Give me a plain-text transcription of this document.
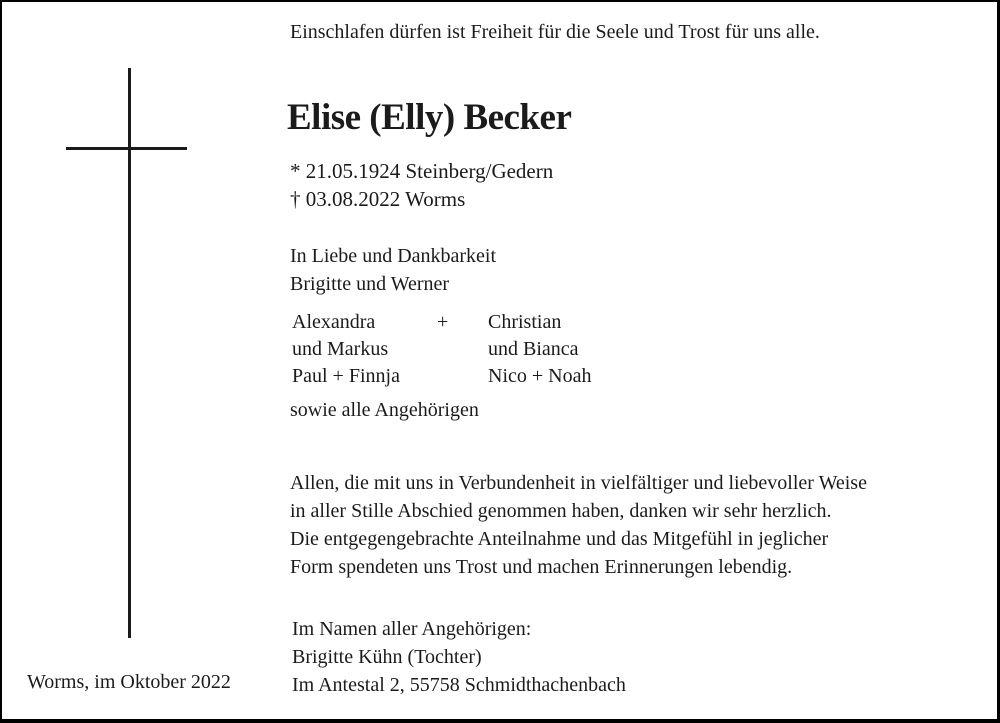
Einschlafen dürfen ist Freiheit für die Seele und Trost für uns alle.
Elise (Elly) Becker
* 21.05.1924 Steinberg/Gedern
† 03.08.2022 Worms
In Liebe und Dankbarkeit
Brigitte und Werner
Alexandra
und Markus
Paul + Finnja
+ Christian
und Bianca
Nico + Noah
sowie alle Angehörigen
Allen, die mit uns in Verbundenheit in vielfältiger und liebevoller Weise
in aller Stille Abschied genommen haben, danken wir sehr herzlich.
Die entgegengebrachte Anteilnahme und das Mitgefühl in jeglicher
Form spendeten uns Trost und machen Erinnerungen lebendig.
Im Namen aller Angehörigen:
Brigitte Kühn (Tochter)
Im Antestal 2, 55758 Schmidthachenbach
Worms, im Oktober 2022
